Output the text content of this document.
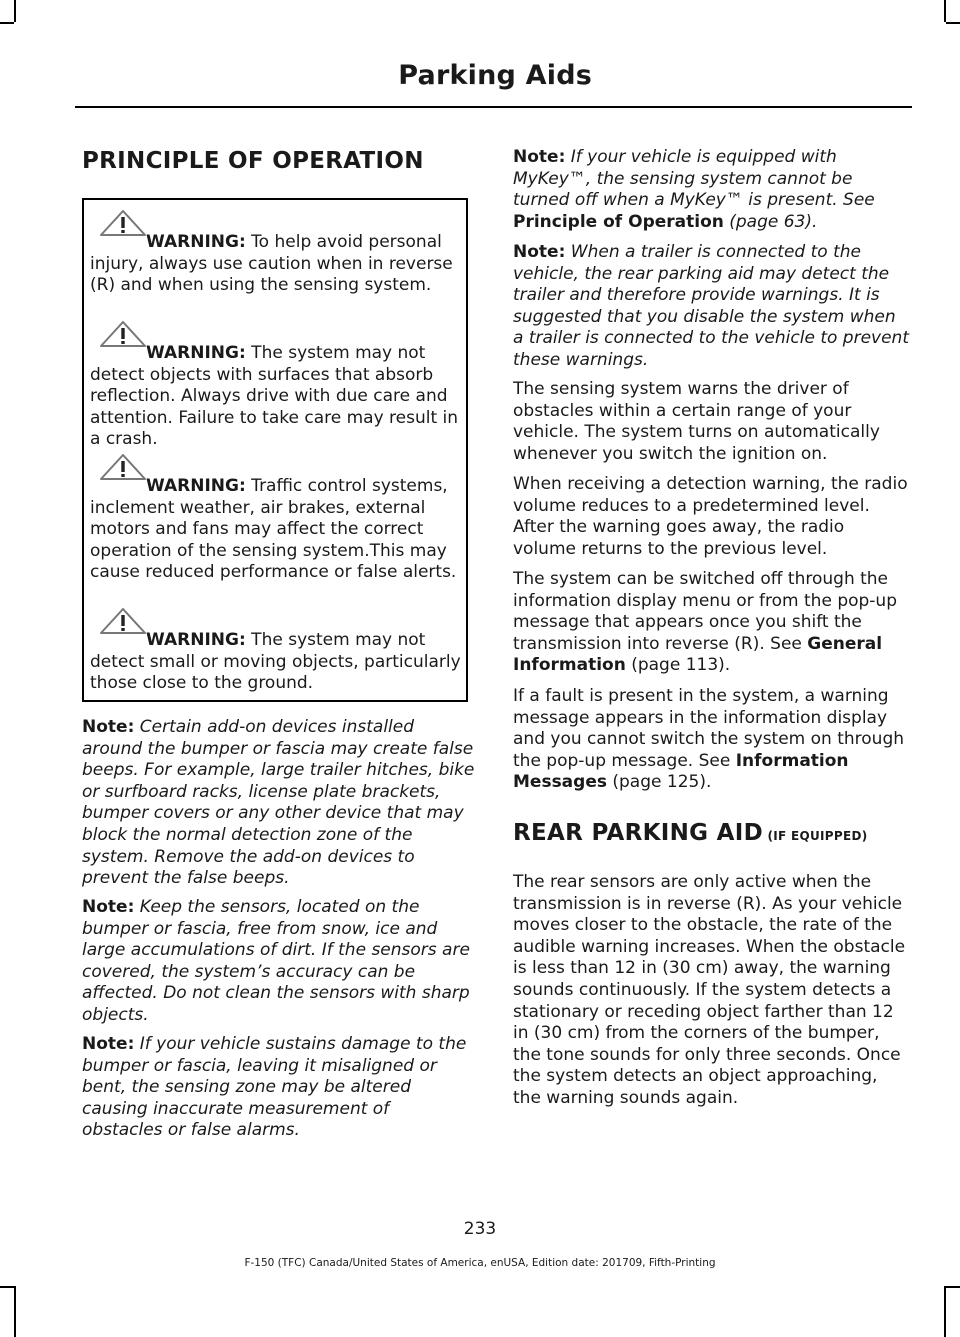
Parking Aids
PRINCIPLE OF OPERATION
WARNING: To help avoid personal injury, always use caution when in reverse (R) and when using the sensing system.
WARNING: The system may not detect objects with surfaces that absorb reflection. Always drive with due care and attention. Failure to take care may result in a crash.
WARNING: Traffic control systems, inclement weather, air brakes, external motors and fans may affect the correct operation of the sensing system.This may cause reduced performance or false alerts.
WARNING: The system may not detect small or moving objects, particularly those close to the ground.
Note: Certain add-on devices installed around the bumper or fascia may create false beeps. For example, large trailer hitches, bike or surfboard racks, license plate brackets, bumper covers or any other device that may block the normal detection zone of the system. Remove the add-on devices to prevent the false beeps.
Note: Keep the sensors, located on the bumper or fascia, free from snow, ice and large accumulations of dirt. If the sensors are covered, the system’s accuracy can be affected. Do not clean the sensors with sharp objects.
Note: If your vehicle sustains damage to the bumper or fascia, leaving it misaligned or bent, the sensing zone may be altered causing inaccurate measurement of obstacles or false alarms.
Note: If your vehicle is equipped with MyKey™, the sensing system cannot be turned off when a MyKey™ is present. See Principle of Operation (page 63).
Note: When a trailer is connected to the vehicle, the rear parking aid may detect the trailer and therefore provide warnings. It is suggested that you disable the system when a trailer is connected to the vehicle to prevent these warnings.
The sensing system warns the driver of obstacles within a certain range of your vehicle. The system turns on automatically whenever you switch the ignition on.
When receiving a detection warning, the radio volume reduces to a predetermined level. After the warning goes away, the radio volume returns to the previous level.
The system can be switched off through the information display menu or from the pop-up message that appears once you shift the transmission into reverse (R). See General Information (page 113).
If a fault is present in the system, a warning message appears in the information display and you cannot switch the system on through the pop-up message. See Information Messages (page 125).
REAR PARKING AID (IF EQUIPPED)
The rear sensors are only active when the transmission is in reverse (R). As your vehicle moves closer to the obstacle, the rate of the audible warning increases. When the obstacle is less than 12 in (30 cm) away, the warning sounds continuously. If the system detects a stationary or receding object farther than 12 in (30 cm) from the corners of the bumper, the tone sounds for only three seconds. Once the system detects an object approaching, the warning sounds again.
233
F-150 (TFC) Canada/United States of America, enUSA, Edition date: 201709, Fifth-Printing
